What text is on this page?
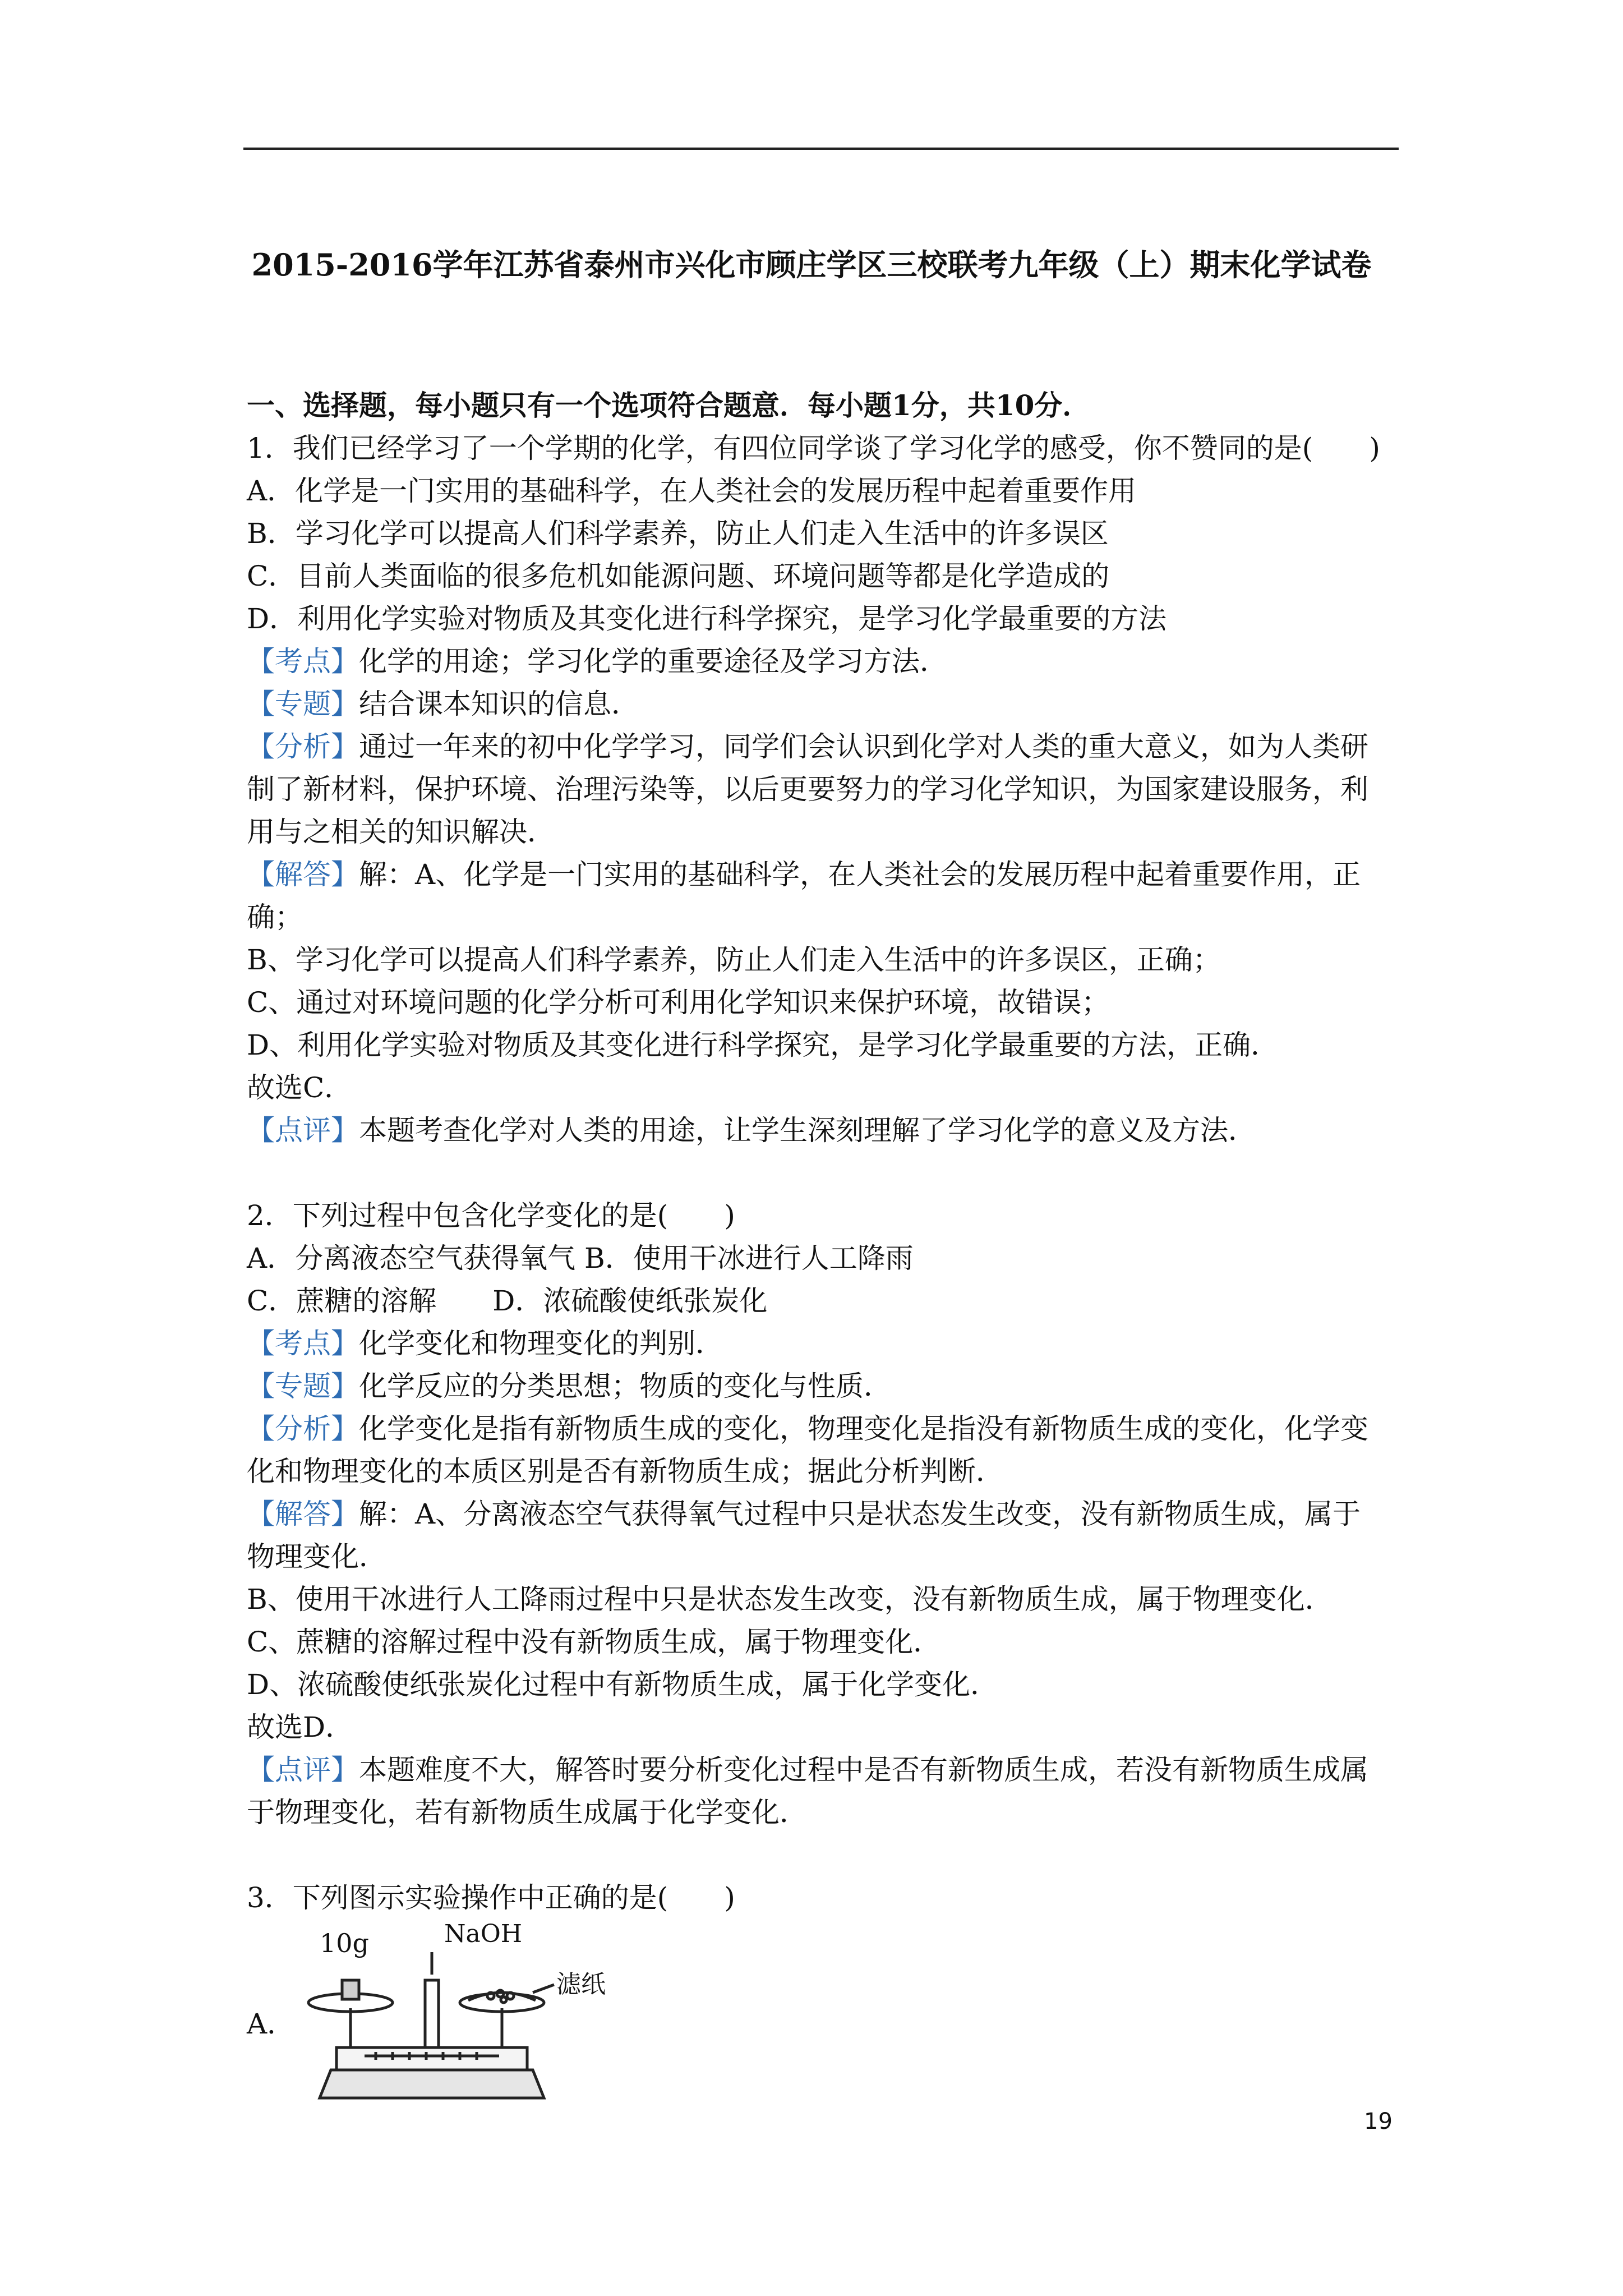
2015-2016学年江苏省泰州市兴化市顾庄学区三校联考九年级（上）期末化学试卷

一、选择题，每小题只有一个选项符合题意．每小题1分，共10分．

1．我们已经学习了一个学期的化学，有四位同学谈了学习化学的感受，你不赞同的是(　　)

A．化学是一门实用的基础科学，在人类社会的发展历程中起着重要作用

B．学习化学可以提高人们科学素养，防止人们走入生活中的许多误区

C．目前人类面临的很多危机如能源问题、环境问题等都是化学造成的

D．利用化学实验对物质及其变化进行科学探究，是学习化学最重要的方法

【考点】化学的用途；学习化学的重要途径及学习方法．

【专题】结合课本知识的信息．

【分析】通过一年来的初中化学学习，同学们会认识到化学对人类的重大意义，如为人类研

制了新材料，保护环境、治理污染等，以后更要努力的学习化学知识，为国家建设服务，利

用与之相关的知识解决．

【解答】解：A、化学是一门实用的基础科学，在人类社会的发展历程中起着重要作用，正

确；

B、学习化学可以提高人们科学素养，防止人们走入生活中的许多误区，正确；

C、通过对环境问题的化学分析可利用化学知识来保护环境，故错误；

D、利用化学实验对物质及其变化进行科学探究，是学习化学最重要的方法，正确．

故选C．

【点评】本题考查化学对人类的用途，让学生深刻理解了学习化学的意义及方法．

2．下列过程中包含化学变化的是(　　)

A．分离液态空气获得氧气 B．使用干冰进行人工降雨

C．蔗糖的溶解　　D．浓硫酸使纸张炭化

【考点】化学变化和物理变化的判别．

【专题】化学反应的分类思想；物质的变化与性质．

【分析】化学变化是指有新物质生成的变化，物理变化是指没有新物质生成的变化，化学变

化和物理变化的本质区别是否有新物质生成；据此分析判断．

【解答】解：A、分离液态空气获得氧气过程中只是状态发生改变，没有新物质生成，属于

物理变化．

B、使用干冰进行人工降雨过程中只是状态发生改变，没有新物质生成，属于物理变化．

C、蔗糖的溶解过程中没有新物质生成，属于物理变化．

D、浓硫酸使纸张炭化过程中有新物质生成，属于化学变化．

故选D．

【点评】本题难度不大，解答时要分析变化过程中是否有新物质生成，若没有新物质生成属

于物理变化，若有新物质生成属于化学变化．

3．下列图示实验操作中正确的是(　　)

A．
10g	NaOH
滤纸
19
